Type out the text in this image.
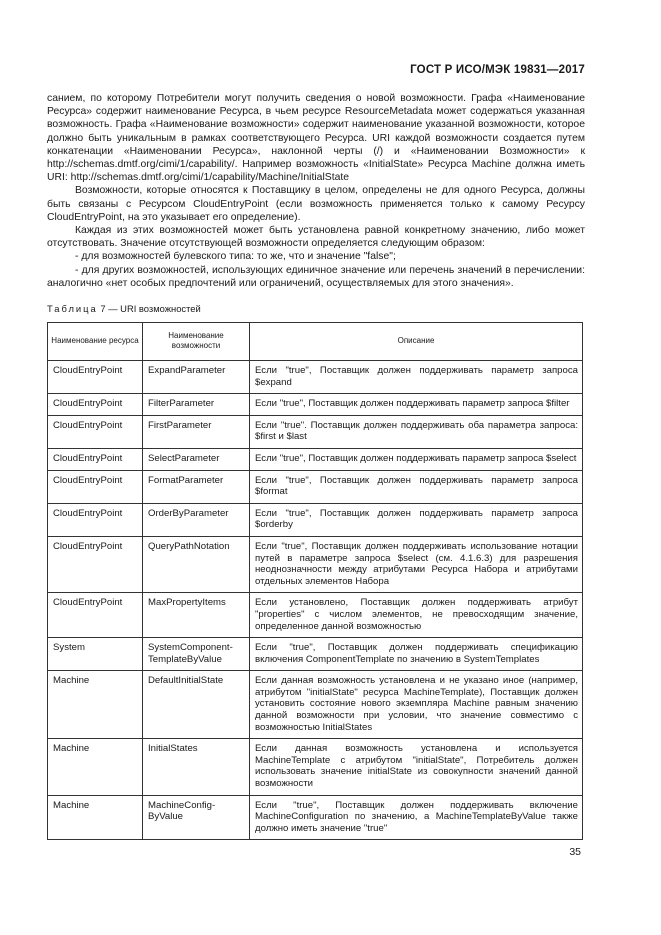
ГОСТ Р ИСО/МЭК 19831—2017

санием, по которому Потребители могут получить сведения о новой возможности. Графа «Наименование Ресурса» содержит наименование Ресурса, в чьем ресурсе ResourceMetadata может содержаться указанная возможность. Графа «Наименование возможности» содержит наименование указанной возможности, которое должно быть уникальным в рамках соответствующего Ресурса. URI каждой возможности создается путем конкатенации «Наименовании Ресурса», наклонной черты (/) и «Наименовании Возможности» к http://schemas.dmtf.org/cimi/1/capability/. Например возможность «InitialState» Ресурса Machine должна иметь URI: http://schemas.dmtf.org/cimi/1/capability/Machine/InitialState

Возможности, которые относятся к Поставщику в целом, определены не для одного Ресурса, должны быть связаны с Ресурсом CloudEntryPoint (если возможность применяется только к самому Ресурсу CloudEntryPoint, на это указывает его определение).

Каждая из этих возможностей может быть установлена равной конкретному значению, либо может отсутствовать. Значение отсутствующей возможности определяется следующим образом:

- для возможностей булевского типа: то же, что и значение "false";

- для других возможностей, использующих единичное значение или перечень значений в перечислении: аналогично «нет особых предпочтений или ограничений, осуществляемых для этого значения».

Таблица 7 — URI возможностей
Наименование ресурса	Наименование возможности	Описание
CloudEntryPoint	ExpandParameter	Если "true", Поставщик должен поддерживать параметр запроса $expand
CloudEntryPoint	FilterParameter	Если "true", Поставщик должен поддерживать параметр запроса $filter
CloudEntryPoint	FirstParameter	Если "true". Поставщик должен поддерживать оба параметра запроса: $first и $last
CloudEntryPoint	SelectParameter	Если "true", Поставщик должен поддерживать параметр запроса $select
CloudEntryPoint	FormatParameter	Если "true", Поставщик должен поддерживать параметр запроса $format
CloudEntryPoint	OrderByParameter	Если "true", Поставщик должен поддерживать параметр запроса $orderby
CloudEntryPoint	QueryPathNotation	Если "true", Поставщик должен поддерживать использование нотации путей в параметре запроса $select (см. 4.1.6.3) для разрешения неоднозначности между атрибутами Ресурса Набора и атрибутами отдельных элементов Набора
CloudEntryPoint	MaxPropertyItems	Если установлено, Поставщик должен поддерживать атрибут "properties" с числом элементов, не превосходящим значение, определенное данной возможностью
System	SystemComponent-TemplateByValue	Если "true", Поставщик должен поддерживать спецификацию включения ComponentTemplate по значению в SystemTemplates
Machine	DefaultInitialState	Если данная возможность установлена и не указано иное (например, атрибутом "initialState" ресурса MachineTemplate), Поставщик должен установить состояние нового экземпляра Machine равным значению данной возможности при условии, что значение совместимо с возможностью InitialStates
Machine	InitialStates	Если данная возможность установлена и используется MachineTemplate с атрибутом "initialState", Потребитель должен использовать значение initialState из совокупности значений данной возможности
Machine	MachineConfig-ByValue	Если "true", Поставщик должен поддерживать включение MachineConfiguration по значению, а MachineTemplateByValue также должно иметь значение "true"
35
